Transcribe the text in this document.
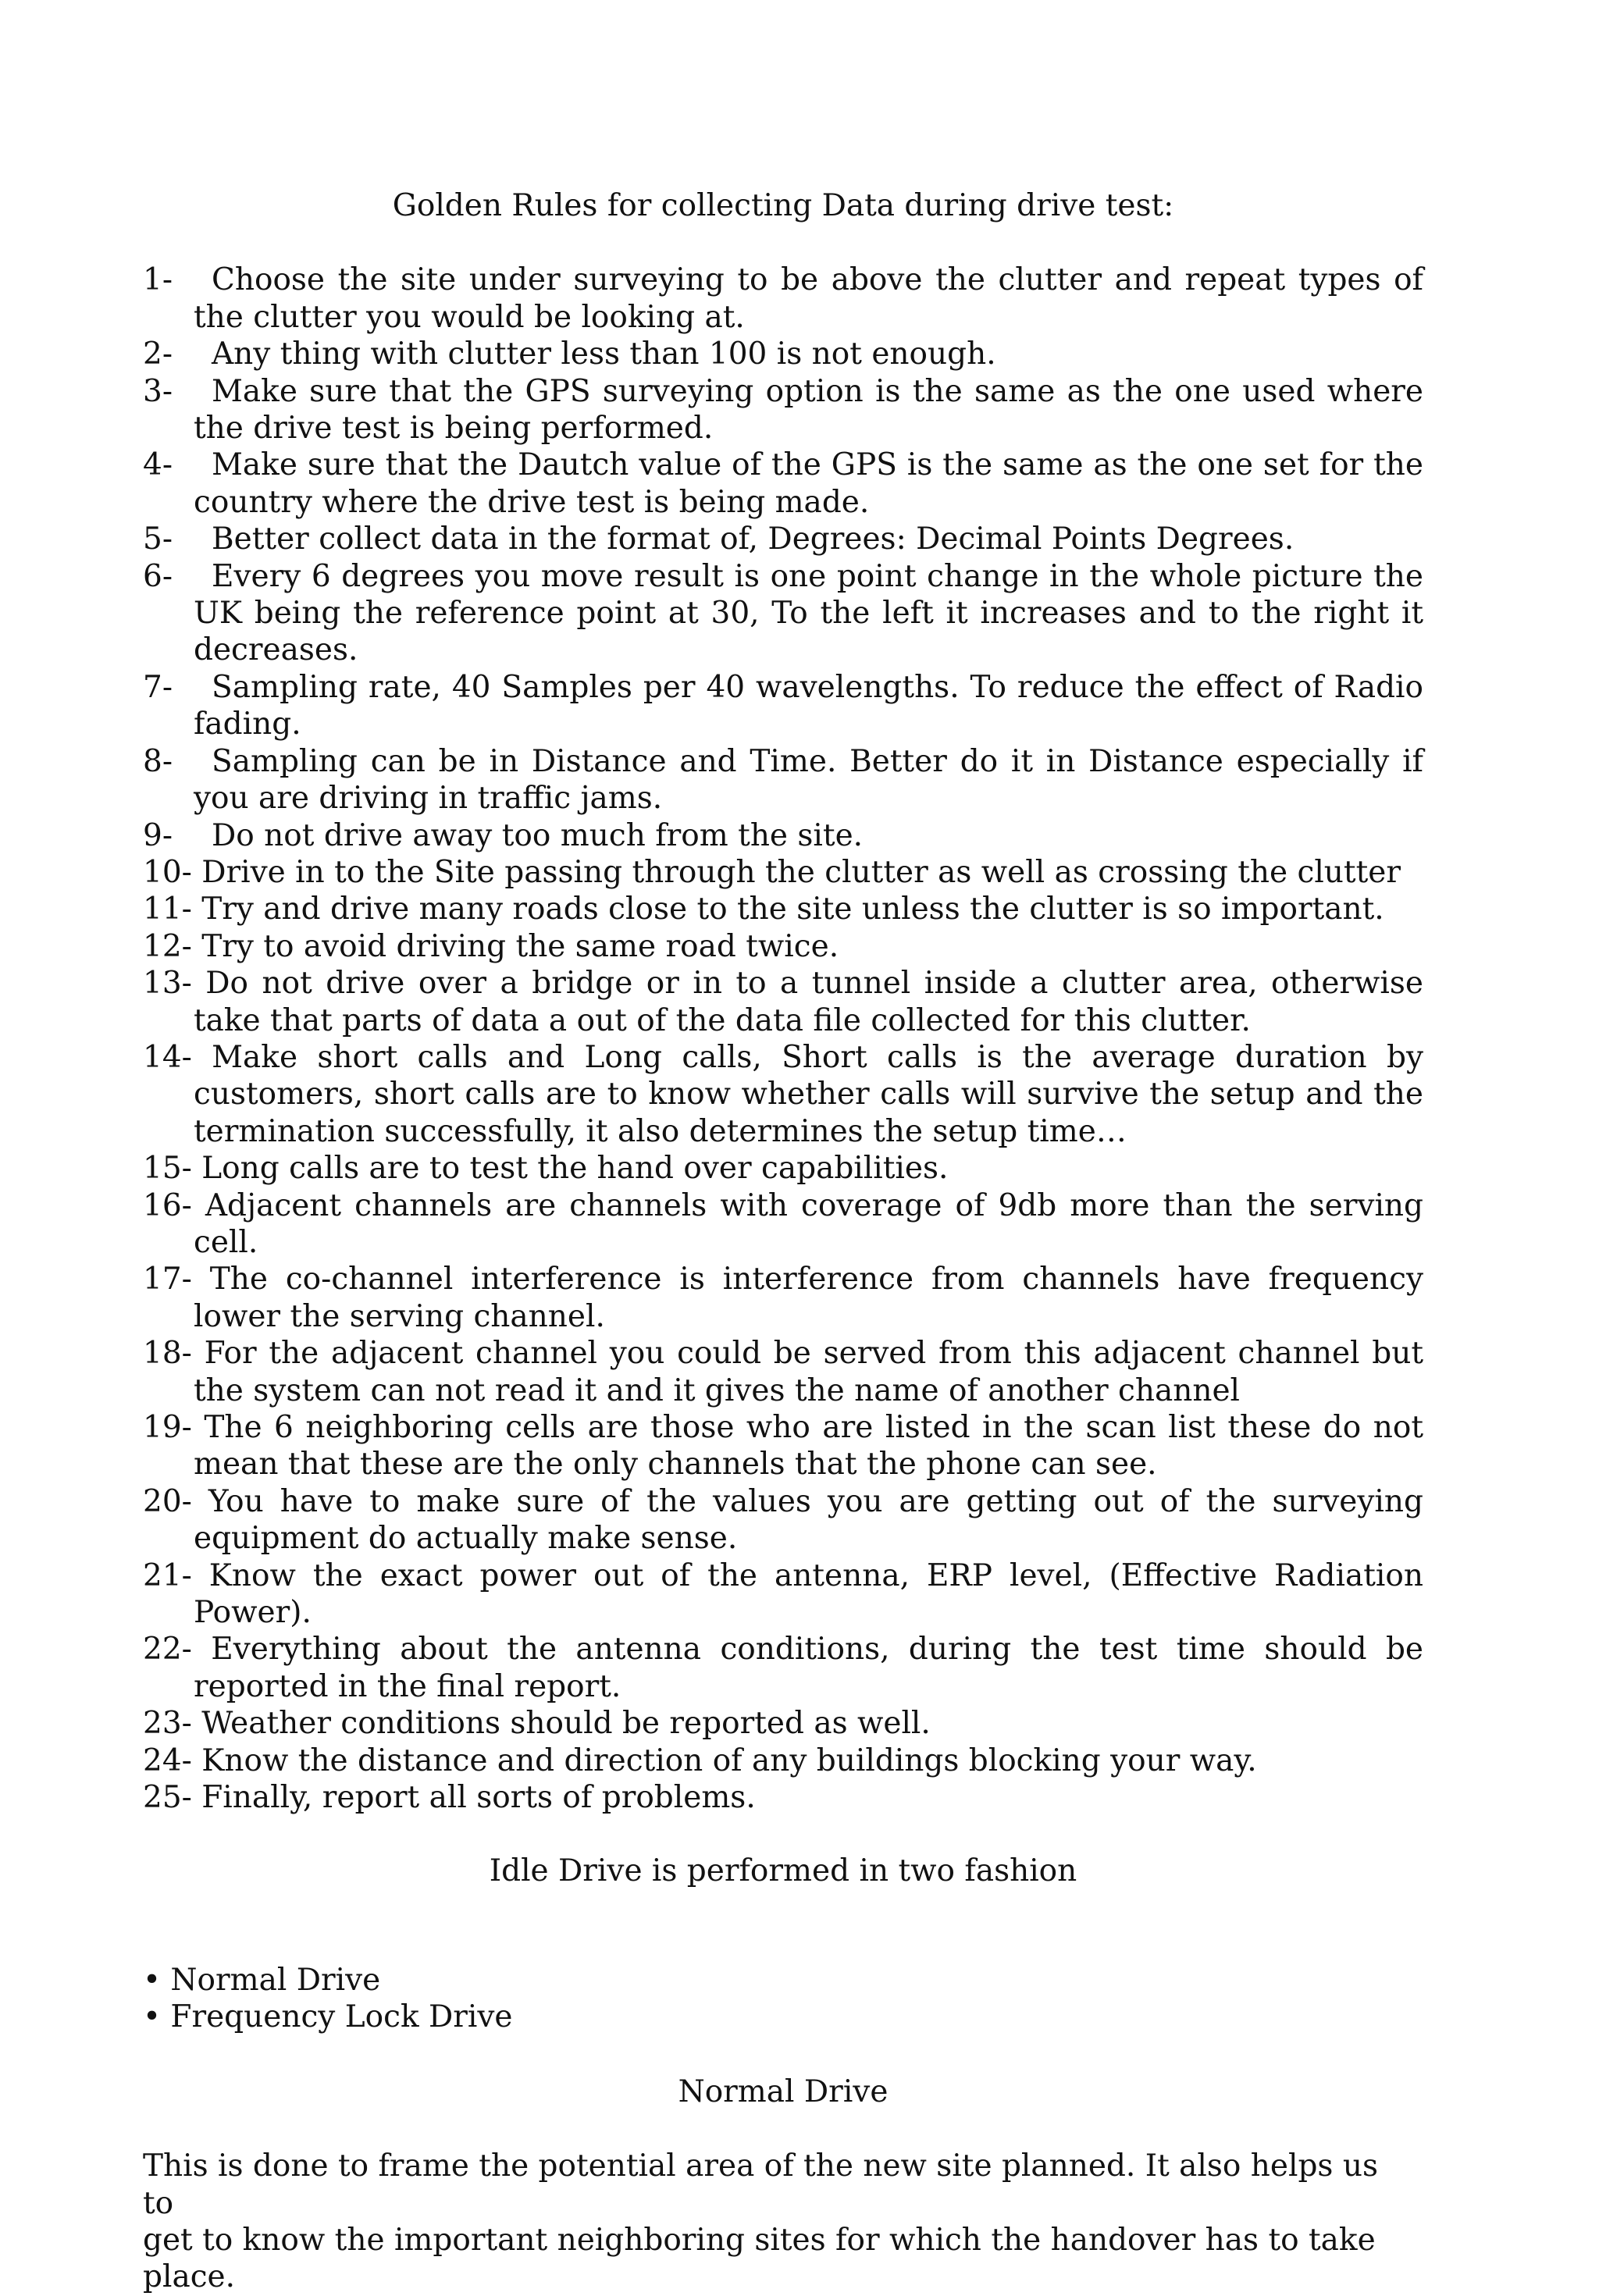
Golden Rules for collecting Data during drive test:

1- Choose the site under surveying to be above the clutter and repeat types of the clutter you would be looking at.

2- Any thing with clutter less than 100 is not enough.

3- Make sure that the GPS surveying option is the same as the one used where the drive test is being performed.

4- Make sure that the Dautch value of the GPS is the same as the one set for the country where the drive test is being made.

5- Better collect data in the format of, Degrees: Decimal Points Degrees.

6- Every 6 degrees you move result is one point change in the whole picture the UK being the reference point at 30, To the left it increases and to the right it decreases.

7- Sampling rate, 40 Samples per 40 wavelengths. To reduce the effect of Radio fading.

8- Sampling can be in Distance and Time. Better do it in Distance especially if you are driving in traffic jams.

9- Do not drive away too much from the site.

10- Drive in to the Site passing through the clutter as well as crossing the clutter

11- Try and drive many roads close to the site unless the clutter is so important.

12- Try to avoid driving the same road twice.

13- Do not drive over a bridge or in to a tunnel inside a clutter area, otherwise take that parts of data a out of the data file collected for this clutter.

14- Make short calls and Long calls, Short calls is the average duration by customers, short calls are to know whether calls will survive the setup and the termination successfully, it also determines the setup time…

15- Long calls are to test the hand over capabilities.

16- Adjacent channels are channels with coverage of 9db more than the serving cell.

17- The co-channel interference is interference from channels have frequency lower the serving channel.

18- For the adjacent channel you could be served from this adjacent channel but the system can not read it and it gives the name of another channel

19- The 6 neighboring cells are those who are listed in the scan list these do not mean that these are the only channels that the phone can see.

20- You have to make sure of the values you are getting out of the surveying equipment do actually make sense.

21- Know the exact power out of the antenna, ERP level, (Effective Radiation Power).

22- Everything about the antenna conditions, during the test time should be reported in the final report.

23- Weather conditions should be reported as well.

24- Know the distance and direction of any buildings blocking your way.

25- Finally, report all sorts of problems.

Idle Drive is performed in two fashion
• Normal Drive
• Frequency Lock Drive
Normal Drive

This is done to frame the potential area of the new site planned. It also helps us to
get to know the important neighboring sites for which the handover has to take place.
